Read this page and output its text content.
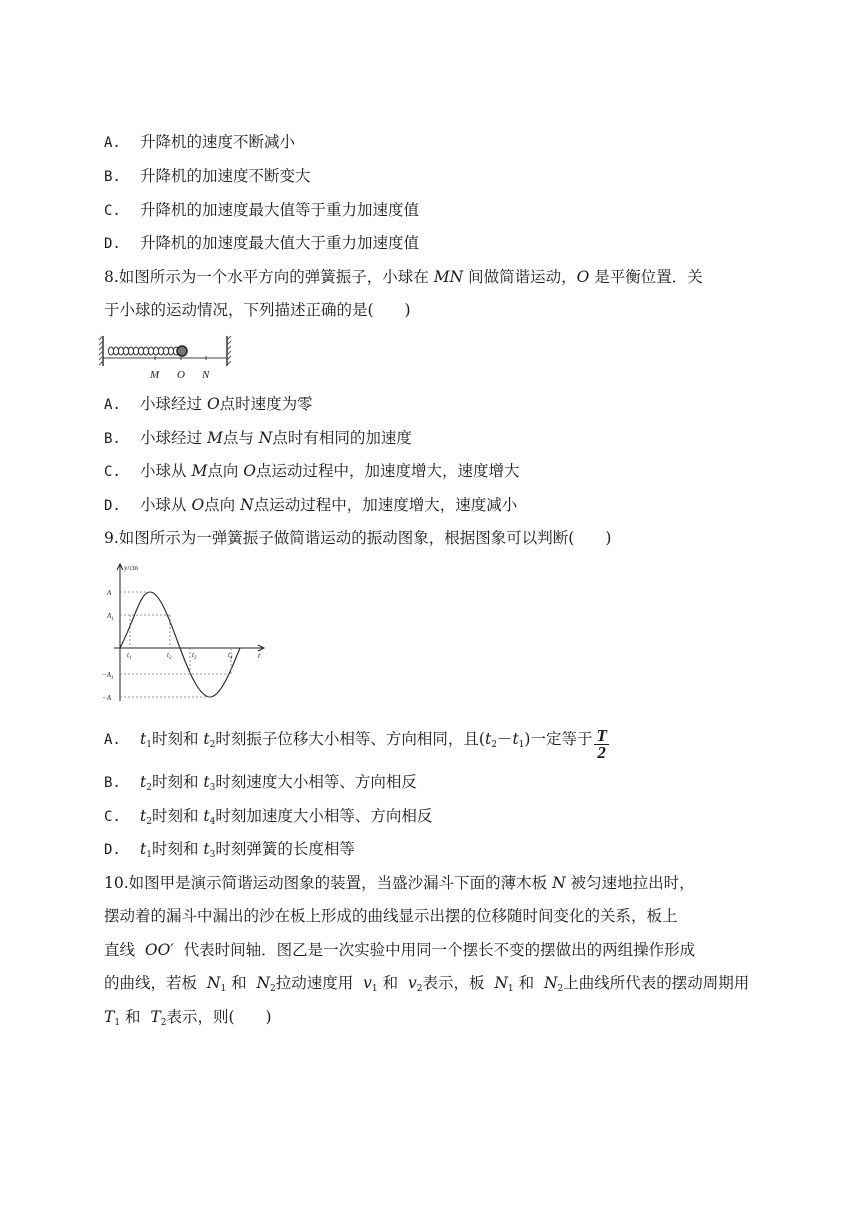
A. 升降机的速度不断减小
B. 升降机的加速度不断变大
C. 升降机的加速度最大值等于重力加速度值
D. 升降机的加速度最大值大于重力加速度值
8.如图所示为一个水平方向的弹簧振子，小球在 MN 间做简谐运动，O 是平衡位置．关
于小球的运动情况，下列描述正确的是(　　)
M O N
A. 小球经过 O点时速度为零
B. 小球经过 M点与 N点时有相同的加速度
C. 小球从 M点向 O点运动过程中，加速度增大，速度增大
D. 小球从 O点向 N点运动过程中，加速度增大，速度减小
9.如图所示为一弹簧振子做简谐运动的振动图象，根据图象可以判断(　　)
y/cm
t
A
$A_1$
$-A_1$
−A
$t_1$	$t_2$	$t_3$	$t_4$
A. $t_1$时刻和 $t_2$时刻振子位移大小相等、方向相同，且$(t_2-t_1)$一定等于 $\frac{T}{2}$
B. $t_2$时刻和 $t_3$时刻速度大小相等、方向相反
C. $t_2$时刻和 $t_4$时刻加速度大小相等、方向相反
D. $t_1$时刻和 $t_3$时刻弹簧的长度相等
10.如图甲是演示简谐运动图象的装置，当盛沙漏斗下面的薄木板 N 被匀速地拉出时，
摆动着的漏斗中漏出的沙在板上形成的曲线显示出摆的位移随时间变化的关系，板上
直线 OO′ 代表时间轴．图乙是一次实验中用同一个摆长不变的摆做出的两组操作形成
的曲线，若板 $N_1$ 和 $N_2$拉动速度用 $v_1$ 和 $v_2$表示，板 $N_1$ 和 $N_2$上曲线所代表的摆动周期用
$T_1$ 和 $T_2$表示，则(　　)
